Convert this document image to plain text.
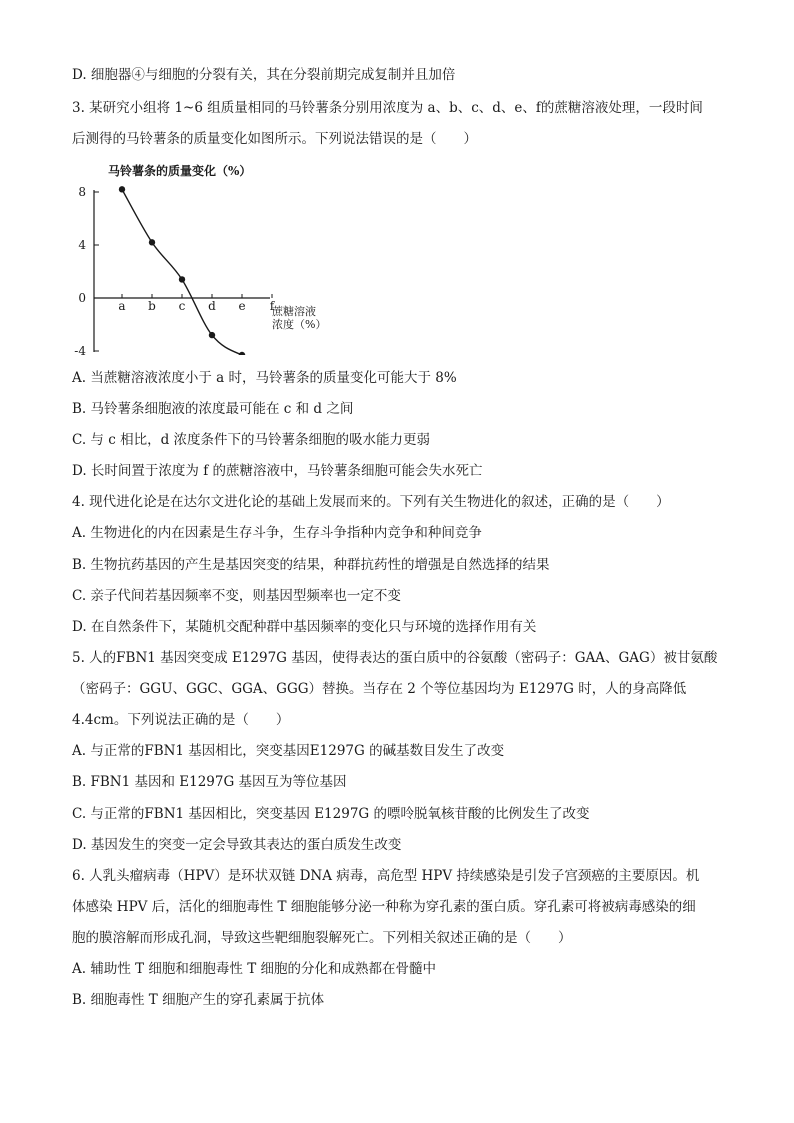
D. 细胞器④与细胞的分裂有关，其在分裂前期完成复制并且加倍
3. 某研究小组将 1~6 组质量相同的马铃薯条分别用浓度为 a、b、c、d、e、f的蔗糖溶液处理，一段时间
后测得的马铃薯条的质量变化如图所示。下列说法错误的是（　　）
马铃薯条的质量变化（%）
8
4
0
-4
a b c d e f
蔗糖溶液
浓度（%）
A. 当蔗糖溶液浓度小于 a 时，马铃薯条的质量变化可能大于 8%
B. 马铃薯条细胞液的浓度最可能在 c 和 d 之间
C. 与 c 相比，d 浓度条件下的马铃薯条细胞的吸水能力更弱
D. 长时间置于浓度为 f 的蔗糖溶液中，马铃薯条细胞可能会失水死亡
4. 现代进化论是在达尔文进化论的基础上发展而来的。下列有关生物进化的叙述，正确的是（　　）
A. 生物进化的内在因素是生存斗争，生存斗争指种内竞争和种间竞争
B. 生物抗药基因的产生是基因突变的结果，种群抗药性的增强是自然选择的结果
C. 亲子代间若基因频率不变，则基因型频率也一定不变
D. 在自然条件下，某随机交配种群中基因频率的变化只与环境的选择作用有关
5. 人的FBN1 基因突变成 E1297G 基因，使得表达的蛋白质中的谷氨酸（密码子：GAA、GAG）被甘氨酸
（密码子：GGU、GGC、GGA、GGG）替换。当存在 2 个等位基因均为 E1297G 时，人的身高降低
4.4cm。下列说法正确的是（　　）
A. 与正常的FBN1 基因相比，突变基因E1297G 的碱基数目发生了改变
B. FBN1 基因和 E1297G 基因互为等位基因
C. 与正常的FBN1 基因相比，突变基因 E1297G 的嘌呤脱氧核苷酸的比例发生了改变
D. 基因发生的突变一定会导致其表达的蛋白质发生改变
6. 人乳头瘤病毒（HPV）是环状双链 DNA 病毒，高危型 HPV 持续感染是引发子宫颈癌的主要原因。机
体感染 HPV 后，活化的细胞毒性 T 细胞能够分泌一种称为穿孔素的蛋白质。穿孔素可将被病毒感染的细
胞的膜溶解而形成孔洞，导致这些靶细胞裂解死亡。下列相关叙述正确的是（　　）
A. 辅助性 T 细胞和细胞毒性 T 细胞的分化和成熟都在骨髓中
B. 细胞毒性 T 细胞产生的穿孔素属于抗体
